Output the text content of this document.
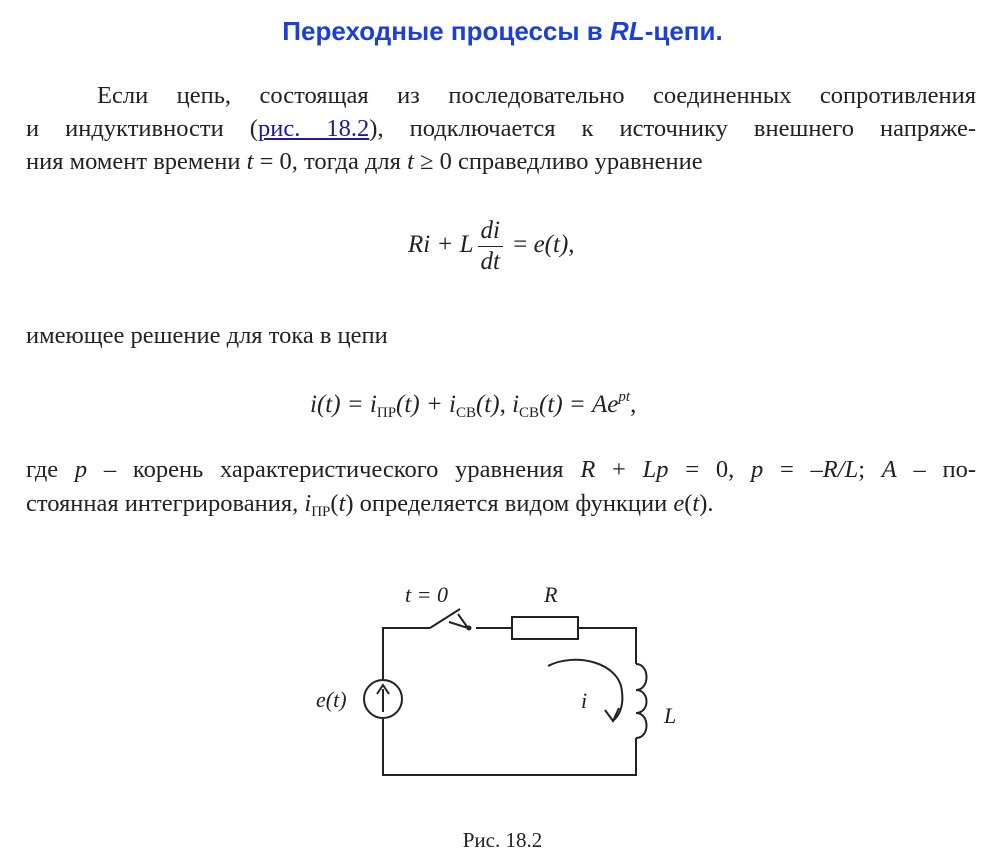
Переходные процессы в RL-цепи.
Если цепь, состоящая из последовательно соединенных сопротивления
и индуктивности (рис. 18.2), подключается к источнику внешнего напряже-
ния момент времени t = 0, тогда для t ≥ 0 справедливо уравнение
Ri + L $\frac{di}{dt} = e(t)$,
имеющее решение для тока в цепи
$i(t) = i_{ПР}(t) + i_{СВ}(t)$, $i_{СВ}(t) = Ae^{pt}$,
где p – корень характеристического уравнения R + Lp = 0, p = –R/L; A – по-
стоянная интегрирования, $i_{ПР}(t)$ определяется видом функции e(t).
t = 0	R
e(t)	i
L
Рис. 18.2
